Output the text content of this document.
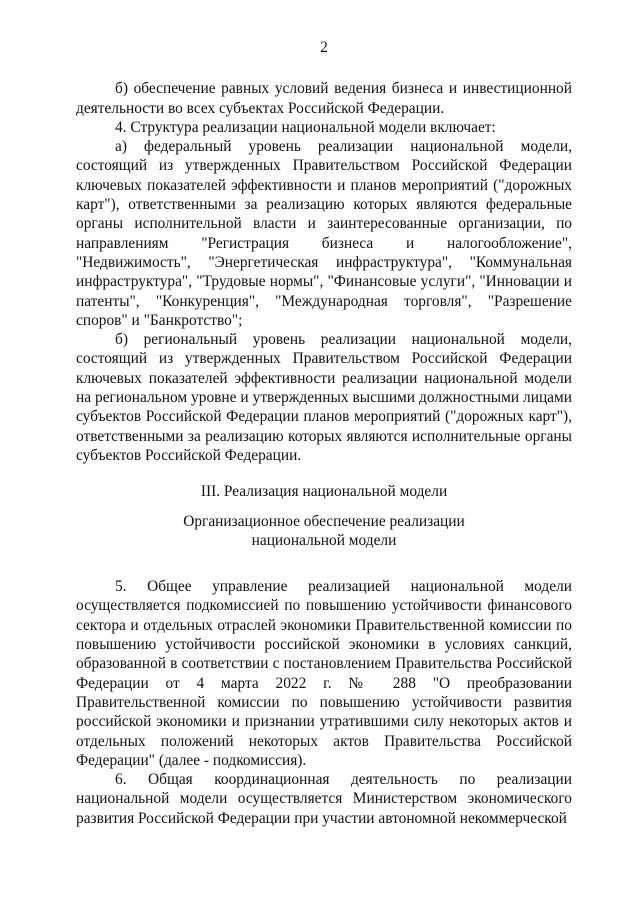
2

б) обеспечение равных условий ведения бизнеса и инвестиционной деятельности во всех субъектах Российской Федерации.

4. Структура реализации национальной модели включает:

а) федеральный уровень реализации национальной модели, состоящий из утвержденных Правительством Российской Федерации ключевых показателей эффективности и планов мероприятий ("дорожных карт"), ответственными за реализацию которых являются федеральные органы исполнительной власти и заинтересованные организации, по направлениям "Регистрация бизнеса и налогообложение", "Недвижимость", "Энергетическая инфраструктура", "Коммунальная инфраструктура", "Трудовые нормы", "Финансовые услуги", "Инновации и патенты", "Конкуренция", "Международная торговля", "Разрешение споров" и "Банкротство";

б) региональный уровень реализации национальной модели, состоящий из утвержденных Правительством Российской Федерации ключевых показателей эффективности реализации национальной модели на региональном уровне и утвержденных высшими должностными лицами субъектов Российской Федерации планов мероприятий ("дорожных карт"), ответственными за реализацию которых являются исполнительные органы субъектов Российской Федерации.

III. Реализация национальной модели

Организационное обеспечение реализации

национальной модели

5. Общее управление реализацией национальной модели осуществляется подкомиссией по повышению устойчивости финансового сектора и отдельных отраслей экономики Правительственной комиссии по повышению устойчивости российской экономики в условиях санкций, образованной в соответствии с постановлением Правительства Российской Федерации от 4 марта 2022 г. № 288 "О преобразовании Правительственной комиссии по повышению устойчивости развития российской экономики и признании утратившими силу некоторых актов и отдельных положений некоторых актов Правительства Российской Федерации" (далее - подкомиссия).

6. Общая координационная деятельность по реализации национальной модели осуществляется Министерством экономического развития Российской Федерации при участии автономной некоммерческой
